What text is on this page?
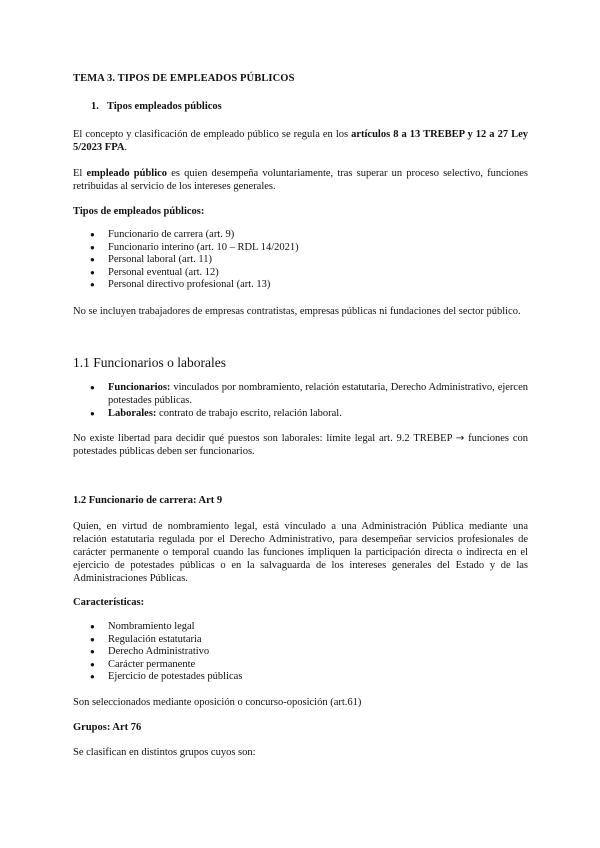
TEMA 3. TIPOS DE EMPLEADOS PÚBLICOS
1. Tipos empleados públicos

El concepto y clasificación de empleado público se regula en los artículos 8 a 13 TREBEP y 12 a 27 Ley 5/2023 FPA.

El empleado público es quien desempeña voluntariamente, tras superar un proceso selectivo, funciones retribuidas al servicio de los intereses generales.

Tipos de empleados públicos:
● Funcionario de carrera (art. 9)
● Funcionario interino (art. 10 – RDL 14/2021)
● Personal laboral (art. 11)
● Personal eventual (art. 12)
● Personal directivo profesional (art. 13)

No se incluyen trabajadores de empresas contratistas, empresas públicas ni fundaciones del sector público.

1.1 Funcionarios o laborales
● Funcionarios: vinculados por nombramiento, relación estatutaria, Derecho Administrativo, ejercen potestades públicas.
● Laborales: contrato de trabajo escrito, relación laboral.

No existe libertad para decidir qué puestos son laborales: límite legal art. 9.2 TREBEP → funciones con potestades públicas deben ser funcionarios.

1.2 Funcionario de carrera: Art 9

Quien, en virtud de nombramiento legal, está vinculado a una Administración Pública mediante una relación estatutaria regulada por el Derecho Administrativo, para desempeñar servicios profesionales de carácter permanente o temporal cuando las funciones impliquen la participación directa o indirecta en el ejercicio de potestades públicas o en la salvaguarda de los intereses generales del Estado y de las Administraciones Públicas.

Características:
● Nombramiento legal
● Regulación estatutaria
● Derecho Administrativo
● Carácter permanente
● Ejercicio de potestades públicas
Son seleccionados mediante oposición o concurso-oposición (art.61)
Grupos: Art 76
Se clasifican en distintos grupos cuyos son:
